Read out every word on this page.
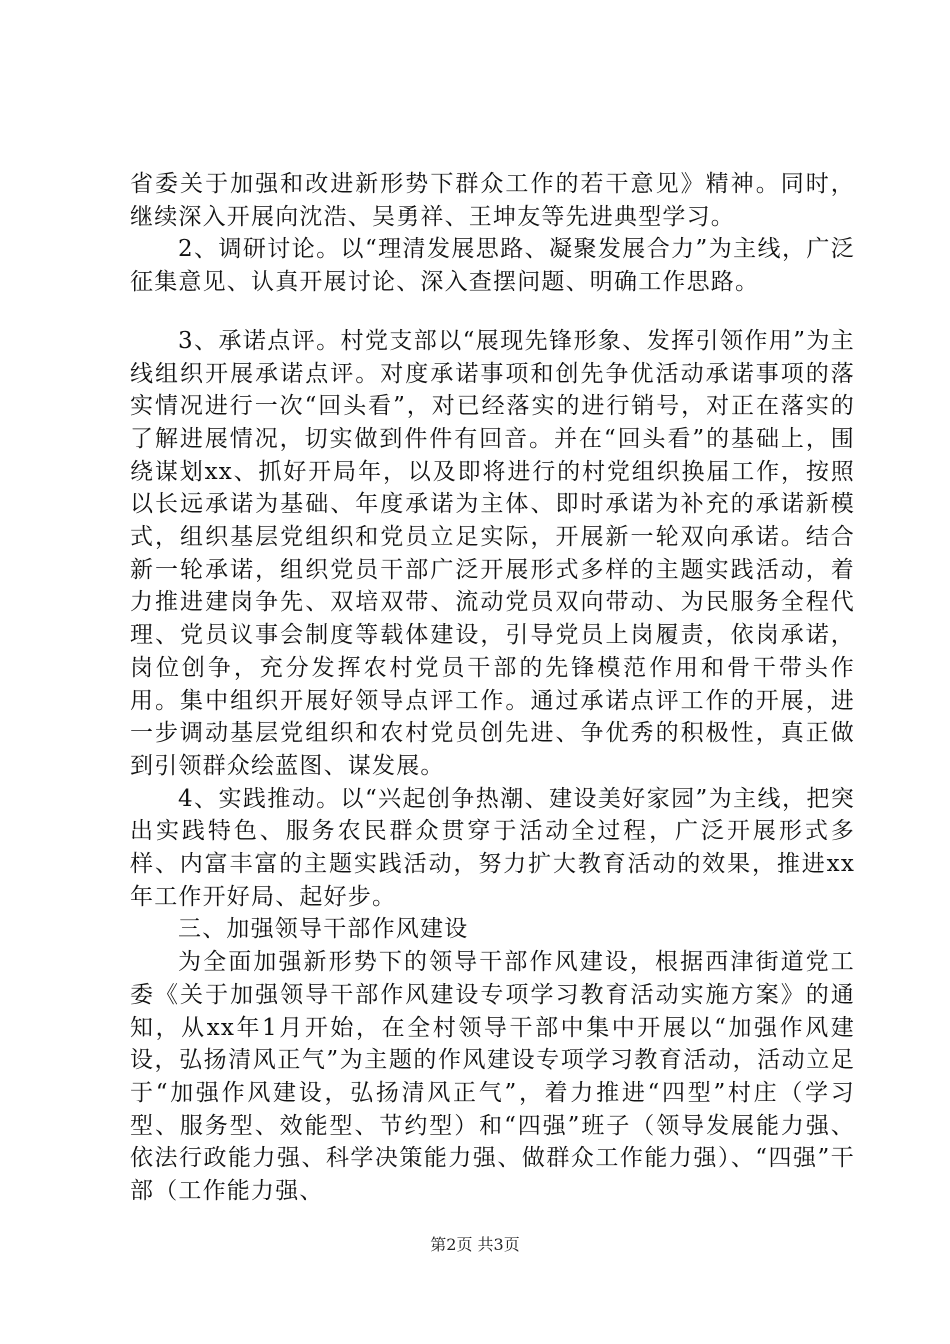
省委关于加强和改进新形势下群众工作的若干意见》精神。同时，继续深入开展向沈浩、吴勇祥、王坤友等先进典型学习。

2、调研讨论。以“理清发展思路、凝聚发展合力”为主线，广泛征集意见、认真开展讨论、深入查摆问题、明确工作思路。

3、承诺点评。村党支部以“展现先锋形象、发挥引领作用”为主线组织开展承诺点评。对度承诺事项和创先争优活动承诺事项的落实情况进行一次“回头看”，对已经落实的进行销号，对正在落实的了解进展情况，切实做到件件有回音。并在“回头看”的基础上，围绕谋划xx、抓好开局年，以及即将进行的村党组织换届工作，按照以长远承诺为基础、年度承诺为主体、即时承诺为补充的承诺新模式，组织基层党组织和党员立足实际，开展新一轮双向承诺。结合新一轮承诺，组织党员干部广泛开展形式多样的主题实践活动，着力推进建岗争先、双培双带、流动党员双向带动、为民服务全程代理、党员议事会制度等载体建设，引导党员上岗履责，依岗承诺，岗位创争，充分发挥农村党员干部的先锋模范作用和骨干带头作用。集中组织开展好领导点评工作。通过承诺点评工作的开展，进一步调动基层党组织和农村党员创先进、争优秀的积极性，真正做到引领群众绘蓝图、谋发展。

4、实践推动。以“兴起创争热潮、建设美好家园”为主线，把突出实践特色、服务农民群众贯穿于活动全过程，广泛开展形式多样、内富丰富的主题实践活动，努力扩大教育活动的效果，推进xx年工作开好局、起好步。

三、加强领导干部作风建设

为全面加强新形势下的领导干部作风建设，根据西津街道党工委《关于加强领导干部作风建设专项学习教育活动实施方案》的通知，从xx年1月开始，在全村领导干部中集中开展以“加强作风建设，弘扬清风正气”为主题的作风建设专项学习教育活动，活动立足于“加强作风建设，弘扬清风正气”，着力推进“四型”村庄（学习型、服务型、效能型、节约型）和“四强”班子（领导发展能力强、依法行政能力强、科学决策能力强、做群众工作能力强）、“四强”干部（工作能力强、

第2页 共3页
